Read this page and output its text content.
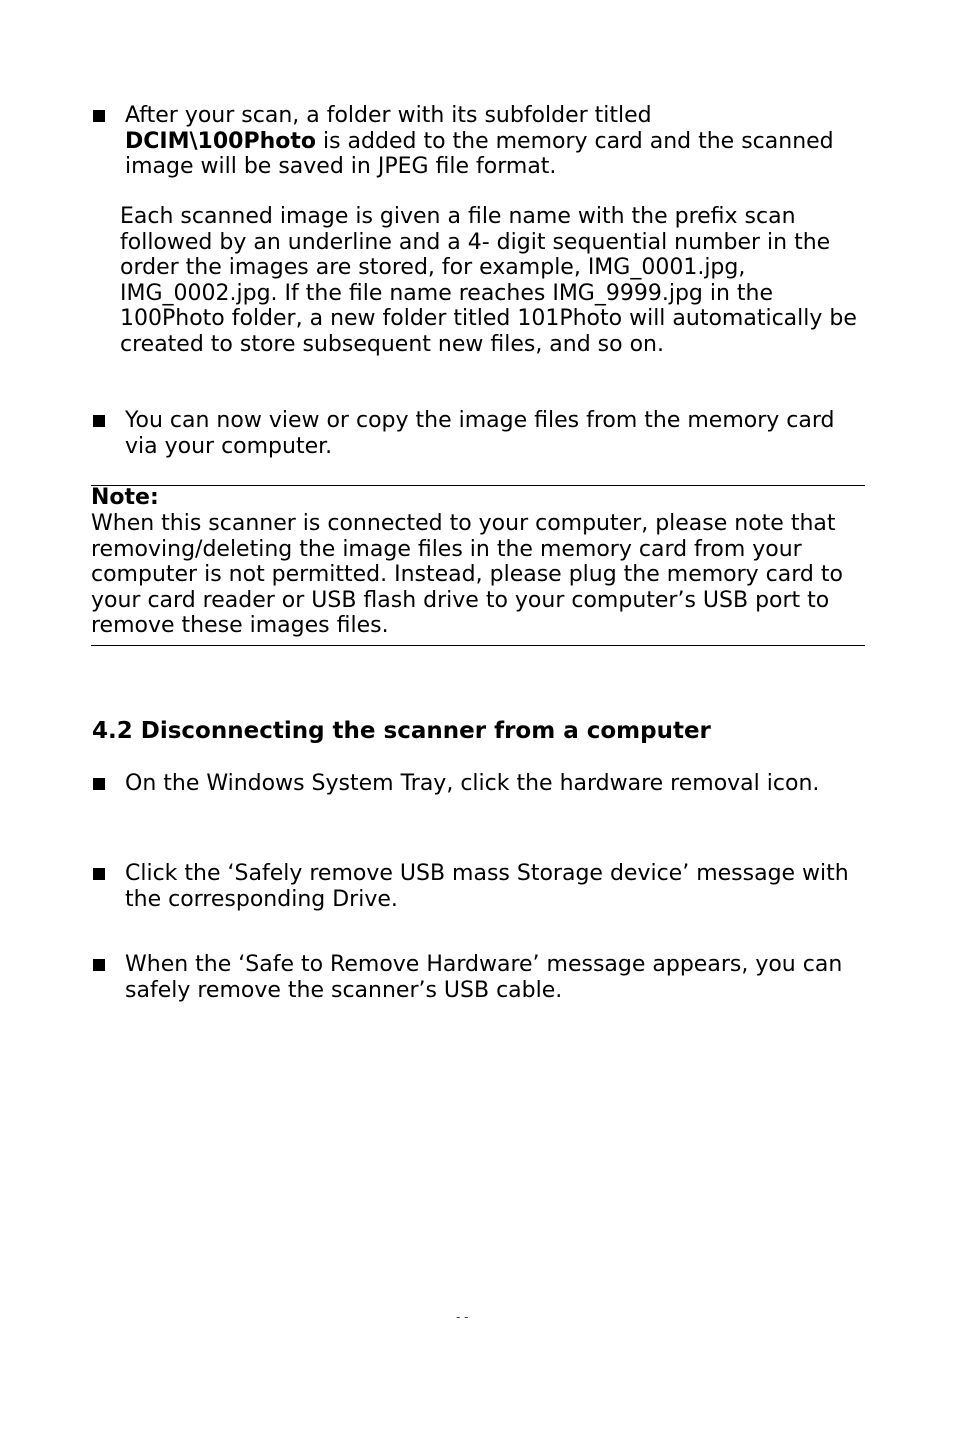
After your scan, a folder with its subfolder titled
DCIM\100Photo is added to the memory card and the scanned image will be saved in JPEG file format.
Each scanned image is given a file name with the prefix scan followed by an underline and a 4- digit sequential number in the order the images are stored, for example, IMG_0001.jpg, IMG_0002.jpg. If the file name reaches IMG_9999.jpg in the 100Photo folder, a new folder titled 101Photo will automatically be created to store subsequent new files, and so on.
You can now view or copy the image files from the memory card via your computer.
Note:
When this scanner is connected to your computer, please note that removing/deleting the image files in the memory card from your computer is not permitted. Instead, please plug the memory card to your card reader or USB flash drive to your computer’s USB port to remove these images files.
4.2 Disconnecting the scanner from a computer
On the Windows System Tray, click the hardware removal icon.
Click the ‘Safely remove USB mass Storage device’ message with the corresponding Drive.
When the ‘Safe to Remove Hardware’ message appears, you can safely remove the scanner’s USB cable.
- -
